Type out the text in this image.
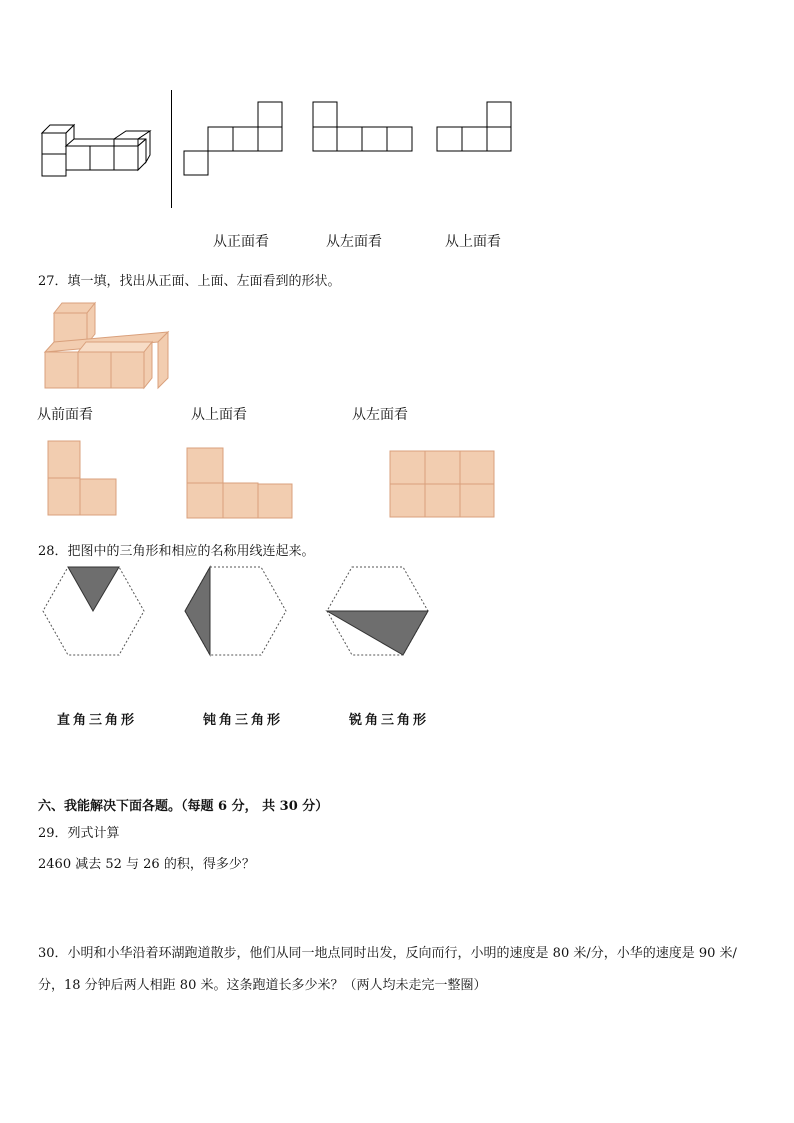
从正面看	从左面看	从上面看
27．填一填，找出从正面、上面、左面看到的形状。
从前面看	从上面看	从左面看
28．把图中的三角形和相应的名称用线连起来。
直角三角形	钝角三角形	锐角三角形
六、我能解决下面各题。（每题 6 分， 共 30 分）
29．列式计算
2460 减去 52 与 26 的积，得多少？
30．小明和小华沿着环湖跑道散步，他们从同一地点同时出发，反向而行，小明的速度是 80 米/分，小华的速度是 90 米/分，18 分钟后两人相距 80 米。这条跑道长多少米？（两人均未走完一整圈）
